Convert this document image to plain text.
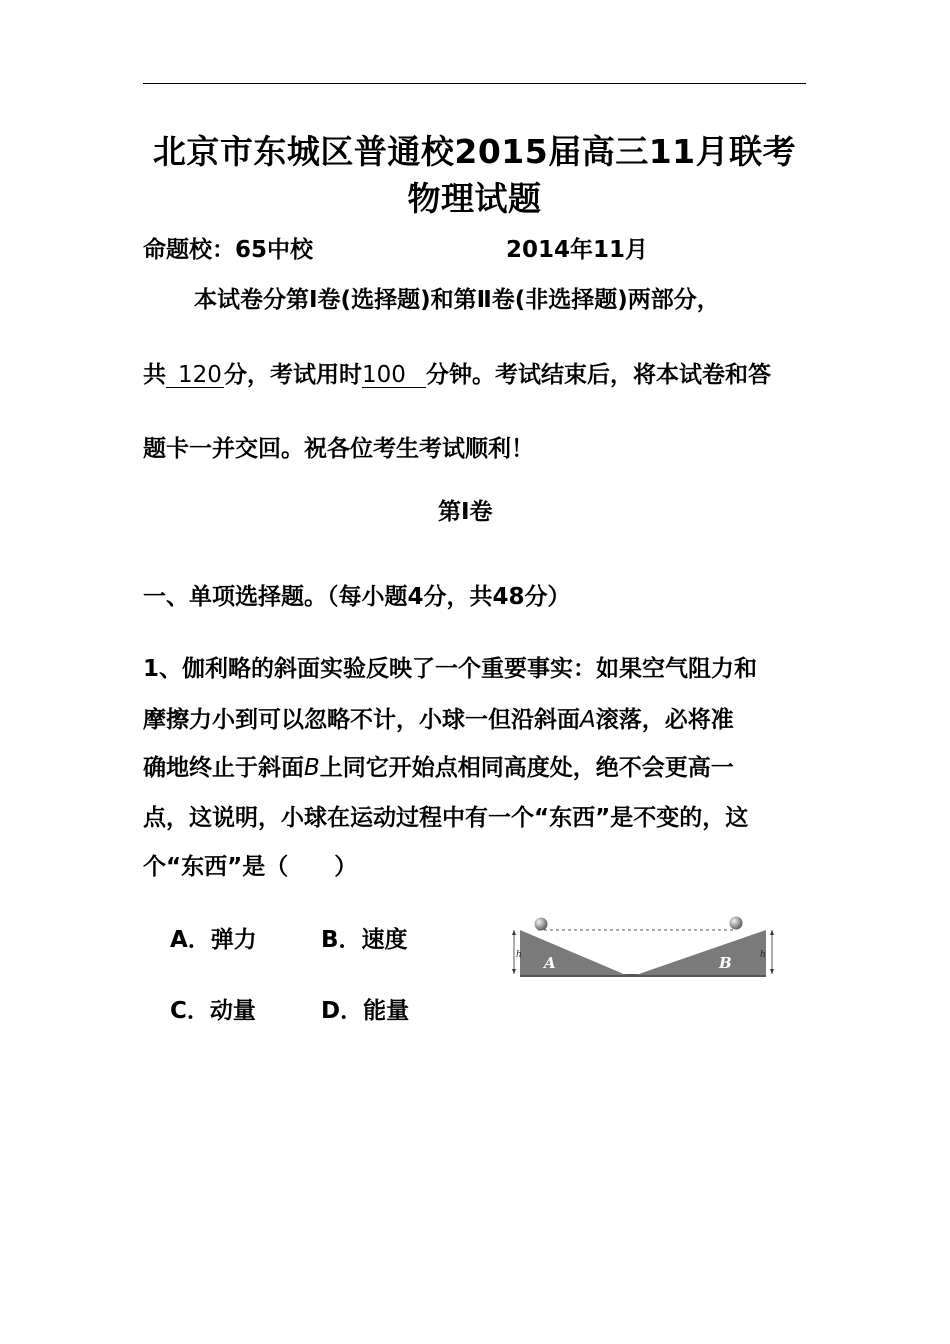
北京市东城区普通校2015届高三11月联考
物理试题
命题校：65中校	2014年11月
本试卷分第Ⅰ卷(选择题)和第Ⅱ卷(非选择题)两部分，
共 120分，考试用时100 分钟。考试结束后，将本试卷和答
题卡一并交回。祝各位考生考试顺利！
第Ⅰ卷
一、单项选择题。（每小题4分，共48分）
1、伽利略的斜面实验反映了一个重要事实：如果空气阻力和
摩擦力小到可以忽略不计，小球一但沿斜面A滚落，必将准
确地终止于斜面B上同它开始点相同高度处，绝不会更高一
点，这说明，小球在运动过程中有一个“东西”是不变的，这
个“东西”是（　　）
A．弹力	B．速度
C．动量	D．能量
h	h
A	B
